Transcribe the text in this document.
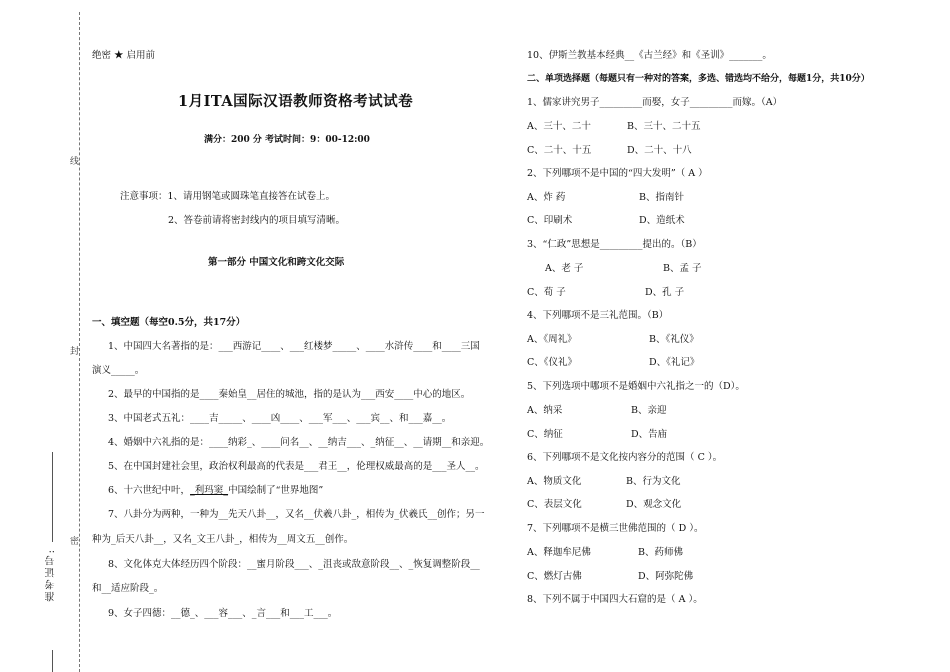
线
封
密
准考证号:
绝密 ★ 启用前
1月ITA国际汉语教师资格考试试卷
满分：200 分 考试时间：9：00-12:00
注意事项：1、请用钢笔或圆珠笔直接答在试卷上。
2、答卷前请将密封线内的项目填写清晰。
第一部分 中国文化和跨文化交际
一、填空题（每空0.5分，共17分）
1、中国四大名著指的是：___西游记____、___红楼梦_____、____水浒传____和____三国
演义_____。
2、最早的中国指的是____秦始皇__居住的城池，指的是认为___西安____中心的地区。
3、中国老式五礼：____吉_____、____凶____、___军___、___宾__、和___嘉__。
4、婚姻中六礼指的是：____纳彩_、____问名__、__纳吉___、_纳征__、__请期__和亲迎。
5、在中国封建社会里，政治权利最高的代表是___君王__，伦理权威最高的是___圣人__。
6、十六世纪中叶，_利玛窦_中国绘制了“世界地图”
7、八卦分为两种，一种为__先天八卦__，又名__伏羲八卦_，相传为_伏羲氏__创作；另一
种为_后天八卦__，又名_文王八卦_，相传为__周文五__创作。
8、文化体克大体经历四个阶段：__蜜月阶段___、_沮丧或敌意阶段__、_恢复调整阶段__
和__适应阶段_。
9、女子四德：__德_、___容___、_言___和___工___。
10、伊斯兰教基本经典__《古兰经》和《圣训》_______。
二、单项选择题（每题只有一种对的答案，多选、错选均不给分，每题1分，共10分）
1、儒家讲究男子_________而娶，女子_________而嫁。（A）
A、三十、二十	B、三十、二十五
C、二十、十五	D、二十、十八
2、下列哪项不是中国的“四大发明”（ A ）
A、炸 药	B、指南针
C、印刷术	D、造纸术
3、“仁政”思想是_________提出的。（B）
A、老 子	B、孟 子
C、荀 子	D、孔 子
4、下列哪项不是三礼范围。（B）
A、《周礼》	B、《礼仪》
C、《仪礼》	D、《礼记》
5、下列选项中哪项不是婚姻中六礼指之一的（D）。
A、纳采	B、亲迎
C、纳征	D、告庙
6、下列哪项不是文化按内容分的范围（ C ）。
A、物质文化	B、行为文化
C、表层文化	D、观念文化
7、下列哪项不是横三世佛范围的（ D ）。
A、释迦牟尼佛	B、药师佛
C、燃灯古佛	D、阿弥陀佛
8、下列不属于中国四大石窟的是（ A ）。
